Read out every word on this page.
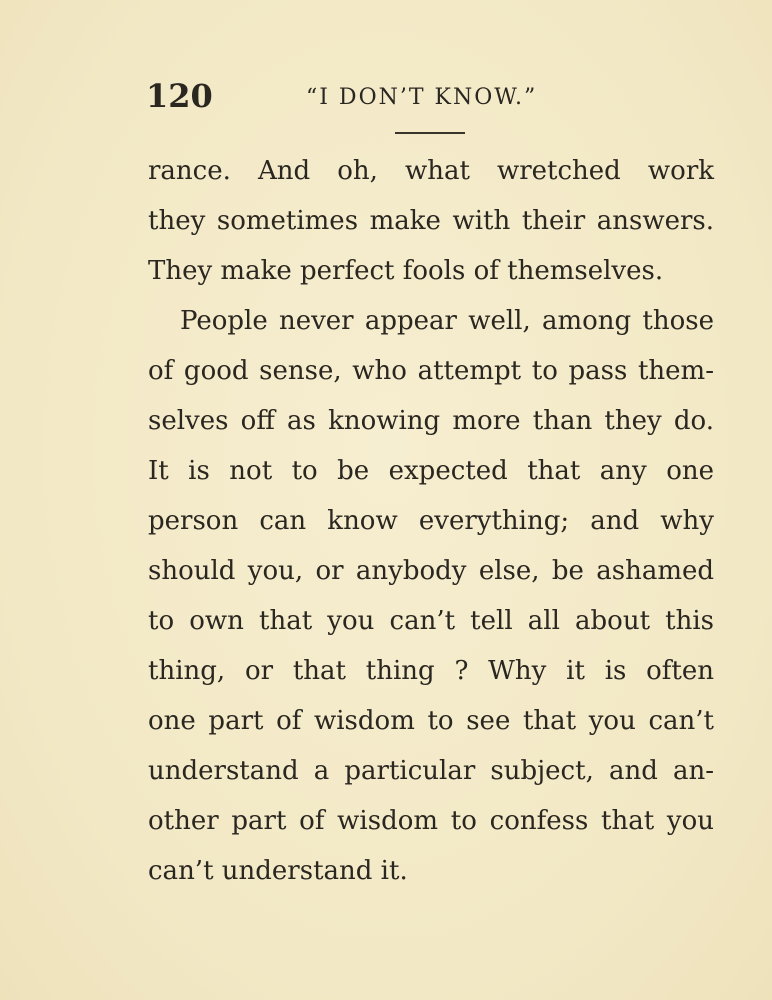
120	“I DON’T KNOW.”
rance. And oh, what wretched work
they sometimes make with their answers.
They make perfect fools of themselves.
People never appear well, among those
of good sense, who attempt to pass them-
selves off as knowing more than they do.
It is not to be expected that any one
person can know everything; and why
should you, or anybody else, be ashamed
to own that you can’t tell all about this
thing, or that thing ? Why it is often
one part of wisdom to see that you can’t
understand a particular subject, and an-
other part of wisdom to confess that you
can’t understand it.
